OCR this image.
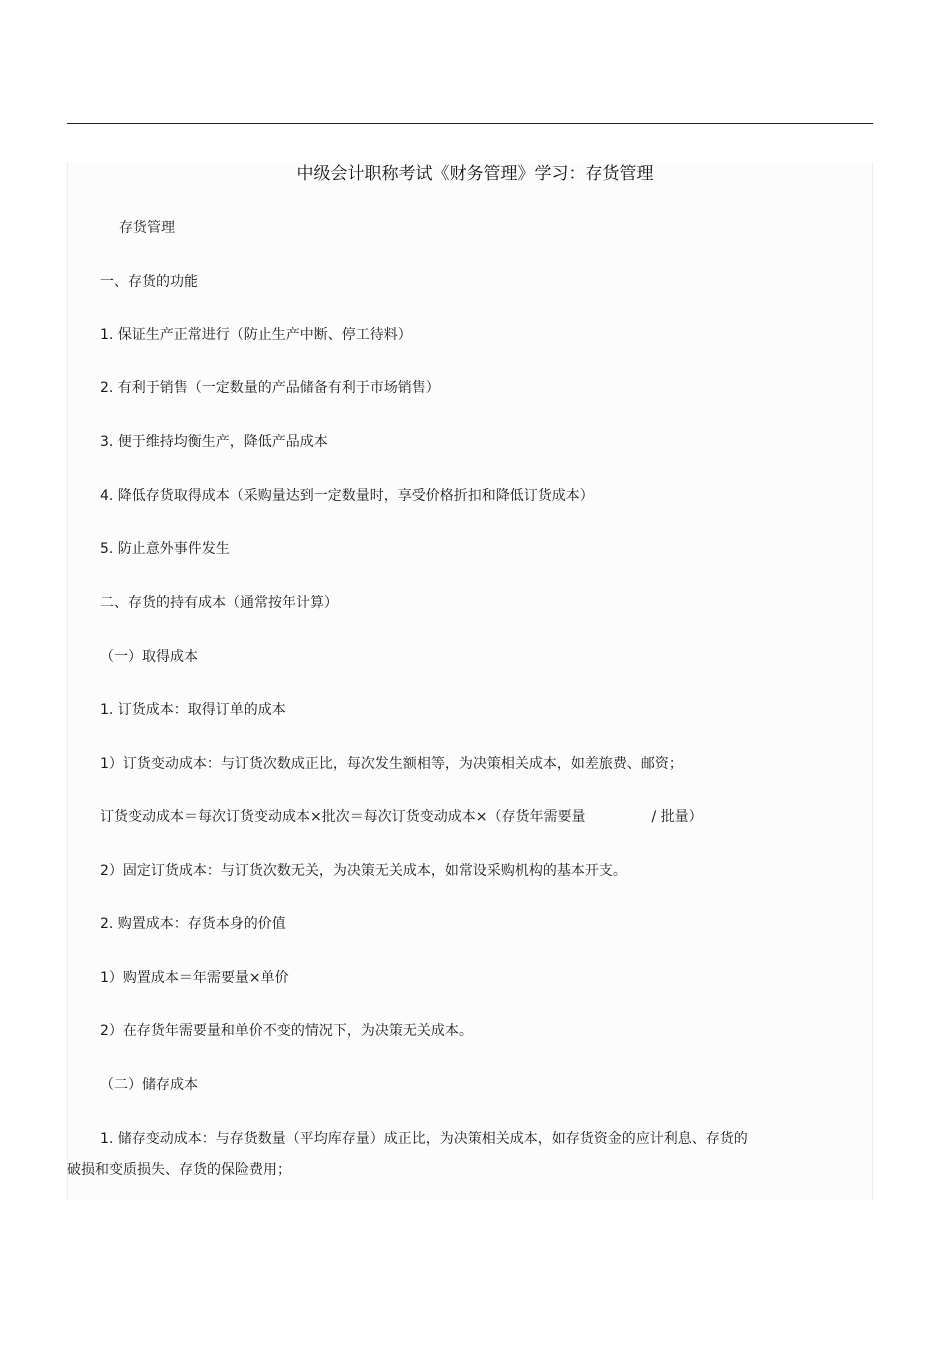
中级会计职称考试《财务管理》学习：存货管理
存货管理
一、存货的功能
1. 保证生产正常进行（防止生产中断、停工待料）
2. 有利于销售（一定数量的产品储备有利于市场销售）
3. 便于维持均衡生产，降低产品成本
4. 降低存货取得成本（采购量达到一定数量时，享受价格折扣和降低订货成本）
5. 防止意外事件发生
二、存货的持有成本（通常按年计算）
（一）取得成本
1. 订货成本：取得订单的成本
1）订货变动成本：与订货次数成正比，每次发生额相等，为决策相关成本，如差旅费、邮资；
订货变动成本＝每次订货变动成本×批次＝每次订货变动成本×（存货年需要量	/ 批量）
2）固定订货成本：与订货次数无关，为决策无关成本，如常设采购机构的基本开支。
2. 购置成本：存货本身的价值
1）购置成本＝年需要量×单价
2）在存货年需要量和单价不变的情况下，为决策无关成本。
（二）储存成本
1. 储存变动成本：与存货数量（平均库存量）成正比，为决策相关成本，如存货资金的应计利息、存货的
破损和变质损失、存货的保险费用；
